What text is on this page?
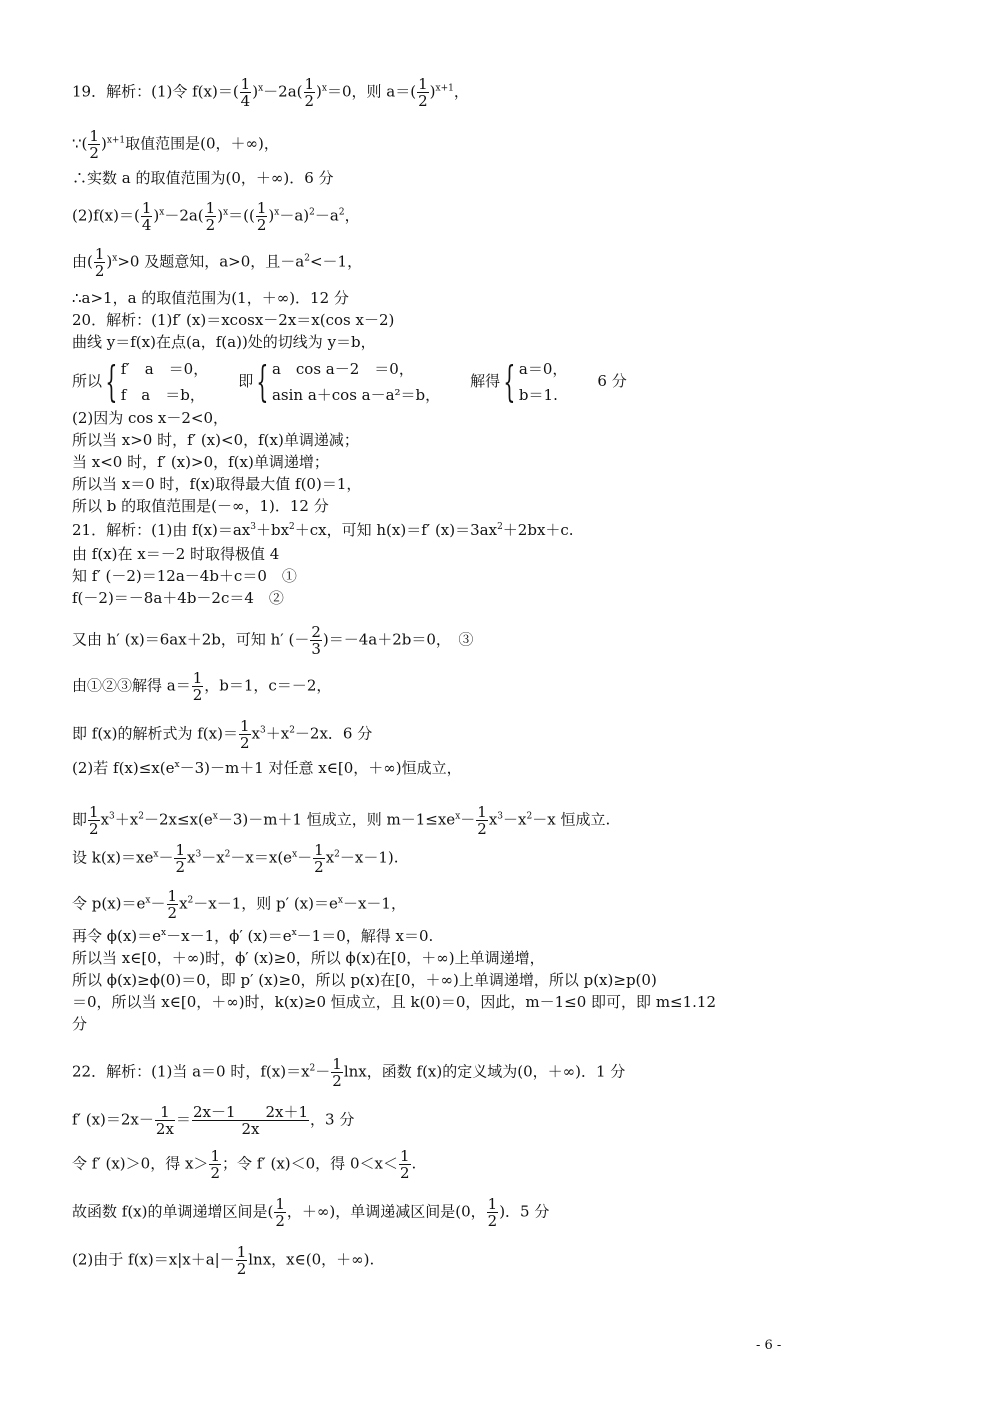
19．解析：(1)令 $f(x)=( \frac{1}{4} )^x-2a( \frac{1}{2} )^x=0$，则 $a=( \frac{1}{2} )^{x+1}$，
∵( $\frac{1}{2} )^{x+1}$取值范围是(0，＋∞)，
∴实数 a 的取值范围为(0，＋∞)．6 分
$(2)f(x)=( \frac{1}{4} )^x-2a( \frac{1}{2} )^x=(( \frac{1}{2} )^x-a)^2-a^2$，
由( $\frac{1}{2} )^x>0$ 及题意知，a>0，且$-a^2<-1$，
∴a>1，a 的取值范围为(1，＋∞)．12 分
20．解析：(1)f′ (x)＝xcosx－2x＝x(cos x－2)
曲线 y＝f(x)在点(a，f(a))处的切线为 y＝b，
所以{ f′　a　＝0，
f　a　＝b，
　　即{ a　cos a－2　＝0，
asin a＋cos a－a²＝b，
　　解得{ a＝0，
b＝1.
　　6 分
(2)因为 cos x－2<0，
所以当 x>0 时，f′ (x)<0，f(x)单调递减；
当 x<0 时，f′ (x)>0，f(x)单调递增；
所以当 x＝0 时，f(x)取得最大值 f(0)＝1，
所以 b 的取值范围是(－∞，1)．12 分
21．解析：(1)由 $f(x)=ax^3+bx^2+cx$，可知 h(x)＝f′ $(x)=3ax^2+2bx+c$.
由 f(x)在 x＝－2 时取得极值 4
知 f′ (－2)＝12a－4b＋c＝0　①
f(－2)＝－8a＋4b－2c＝4　②
又由 h′ (x)＝6ax＋2b，可知 h′ (－ $\frac{2}{3} )=-4a+2b=0$，　③
由①②③解得 $a= \frac{1}{2}$ ，b＝1，c＝－2，
即 f(x)的解析式为 $f(x)= \frac{1}{2} x^3+x^2-2x$．6 分
(2)若 $f(x)\le x(e^x-3)-m+1$ 对任意 x∈[0，＋∞)恒成立，
即 $\frac{1}{2} x^3+x^2-2x\le x(e^x-3)-m+1$ 恒成立，则 $m-1\le xe^x- \frac{1}{2} x^3-x^2-x$ 恒成立.
设 $k(x)=xe^x- \frac{1}{2} x^3-x^2-x=x(e^x- \frac{1}{2} x^2-x-1)$.
令 $p(x)=e^x- \frac{1}{2} x^2-x-1$，则 p′ $(x)=e^x-x-1$，
再令 $\phi(x)=e^x-x-1$，ϕ′ $(x)=e^x-1=0$，解得 x＝0.
所以当 x∈[0，＋∞)时，ϕ′ (x)≥0，所以 ϕ(x)在[0，＋∞)上单调递增，
所以 ϕ(x)≥ϕ(0)＝0，即 p′ (x)≥0，所以 p(x)在[0，＋∞)上单调递增，所以 p(x)≥p(0)
＝0，所以当 x∈[0，＋∞)时，k(x)≥0 恒成立，且 k(0)＝0，因此，m－1≤0 即可，即 m≤1.12
分
22．解析：(1)当 a＝0 时，$f(x)=x^2- \frac{1}{2}$ lnx，函数 f(x)的定义域为(0，＋∞)．1 分
f′ $(x)=2x- \frac{1}{2x} = \frac{2x-1 2x+1}{2x}$ ，3 分
令 f′ (x)＞0，得 $x> \frac{1}{2}$ ；令 f′ (x)＜0，得 $0<x< \frac{1}{2}$ .
故函数 f(x)的单调递增区间是( $\frac{1}{2}$ ，＋∞)，单调递减区间是(0， $\frac{1}{2}$ )．5 分
(2)由于 $f(x)=x|x+a|- \frac{1}{2}$ lnx，x∈(0，＋∞).
- 6 -
